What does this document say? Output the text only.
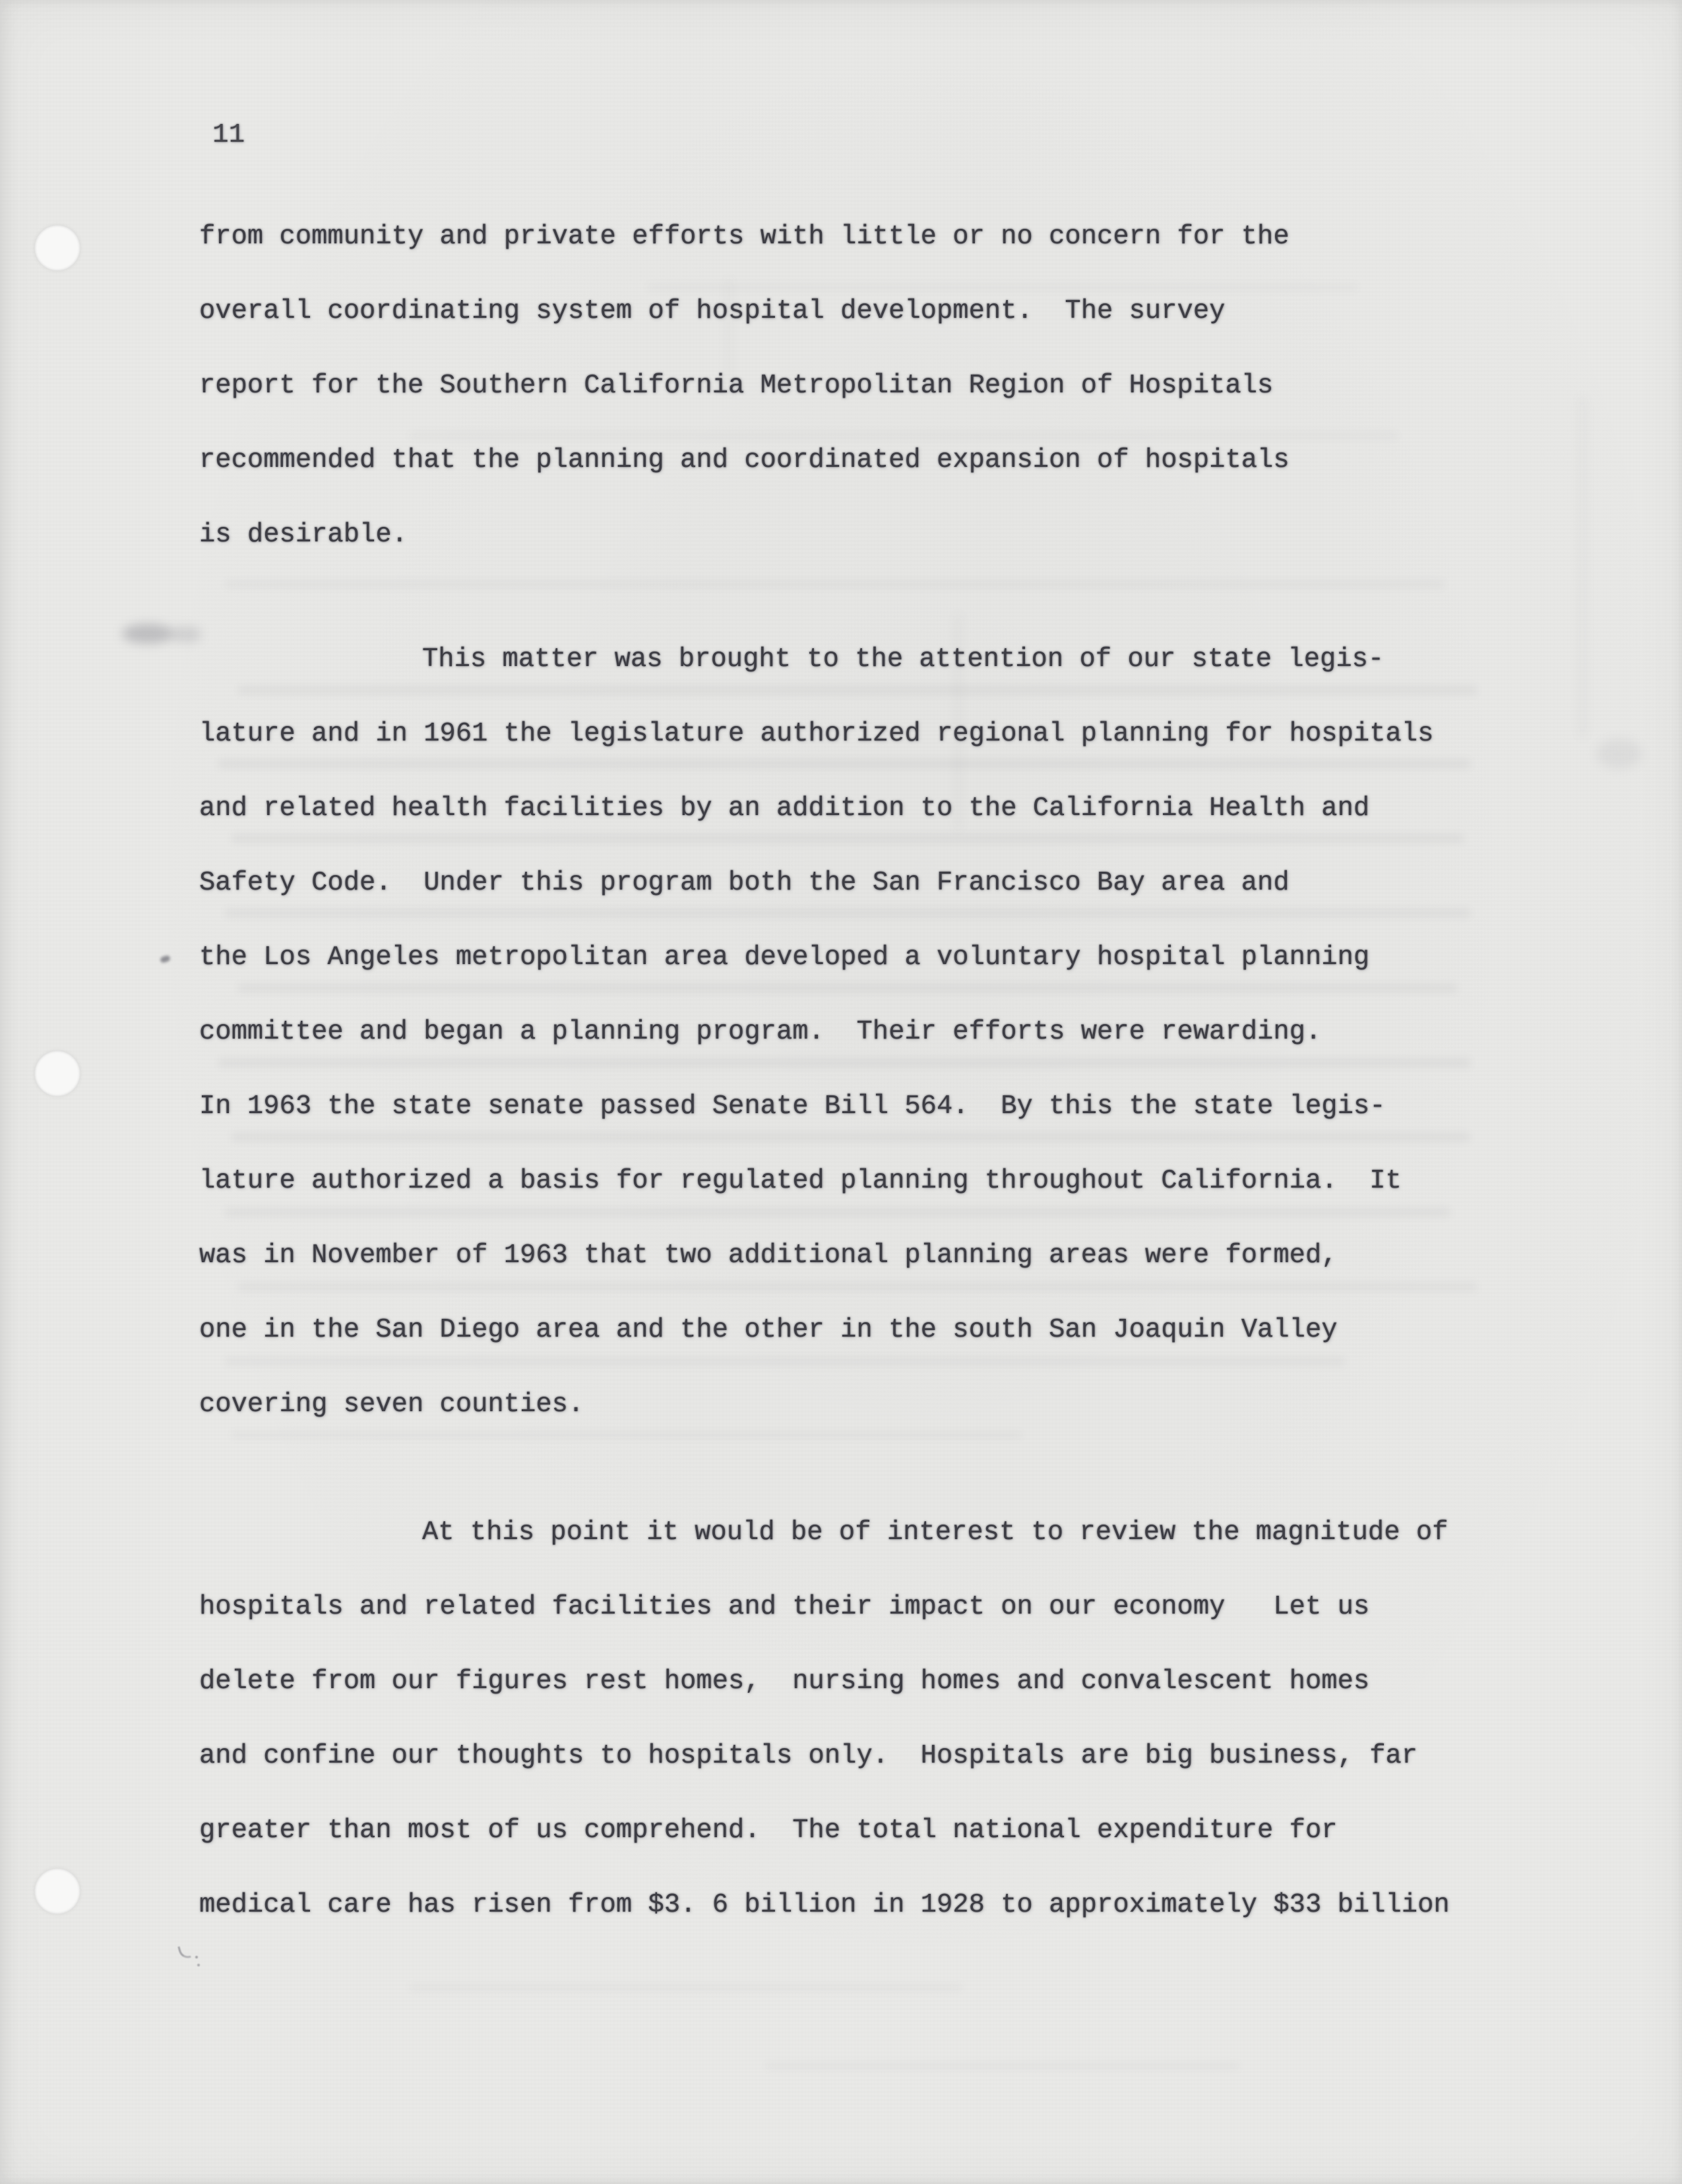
11
from community and private efforts with little or no concern for the
overall coordinating system of hospital development.  The survey
report for the Southern California Metropolitan Region of Hospitals
recommended that the planning and coordinated expansion of hospitals
is desirable.
This matter was brought to the attention of our state legis-
lature and in 1961 the legislature authorized regional planning for hospitals
and related health facilities by an addition to the California Health and
Safety Code.  Under this program both the San Francisco Bay area and
the Los Angeles metropolitan area developed a voluntary hospital planning
committee and began a planning program.  Their efforts were rewarding.
In 1963 the state senate passed Senate Bill 564.  By this the state legis-
lature authorized a basis for regulated planning throughout California.  It
was in November of 1963 that two additional planning areas were formed,
one in the San Diego area and the other in the south San Joaquin Valley
covering seven counties.
At this point it would be of interest to review the magnitude of
hospitals and related facilities and their impact on our economy   Let us
delete from our figures rest homes,  nursing homes and convalescent homes
and confine our thoughts to hospitals only.  Hospitals are big business, far
greater than most of us comprehend.  The total national expenditure for
medical care has risen from $3. 6 billion in 1928 to approximately $33 billion
